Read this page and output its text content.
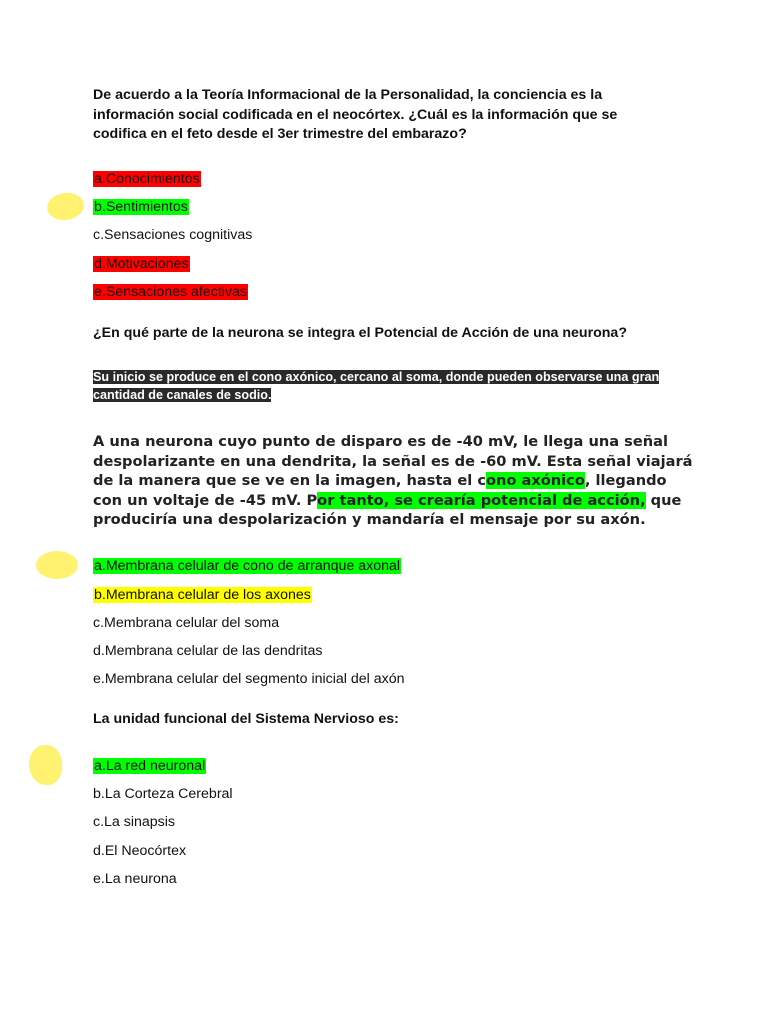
De acuerdo a la Teoría Informacional de la Personalidad, la conciencia es la información social codificada en el neocórtex. ¿Cuál es la información que se codifica en el feto desde el 3er trimestre del embarazo?
a.Conocimientos
b.Sentimientos
c.Sensaciones cognitivas
d.Motivaciones
e.Sensaciones afectivas
¿En qué parte de la neurona se integra el Potencial de Acción de una neurona?
Su inicio se produce en el cono axónico, cercano al soma, donde pueden observarse una gran cantidad de canales de sodio.
A una neurona cuyo punto de disparo es de -40 mV, le llega una señal despolarizante en una dendrita, la señal es de -60 mV. Esta señal viajará de la manera que se ve en la imagen, hasta el cono axónico, llegando con un voltaje de -45 mV. Por tanto, se crearía potencial de acción, que produciría una despolarización y mandaría el mensaje por su axón.
a.Membrana celular de cono de arranque axonal
b.Membrana celular de los axones
c.Membrana celular del soma
d.Membrana celular de las dendritas
e.Membrana celular del segmento inicial del axón
La unidad funcional del Sistema Nervioso es:
a.La red neuronal
b.La Corteza Cerebral
c.La sinapsis
d.El Neocórtex
e.La neurona
